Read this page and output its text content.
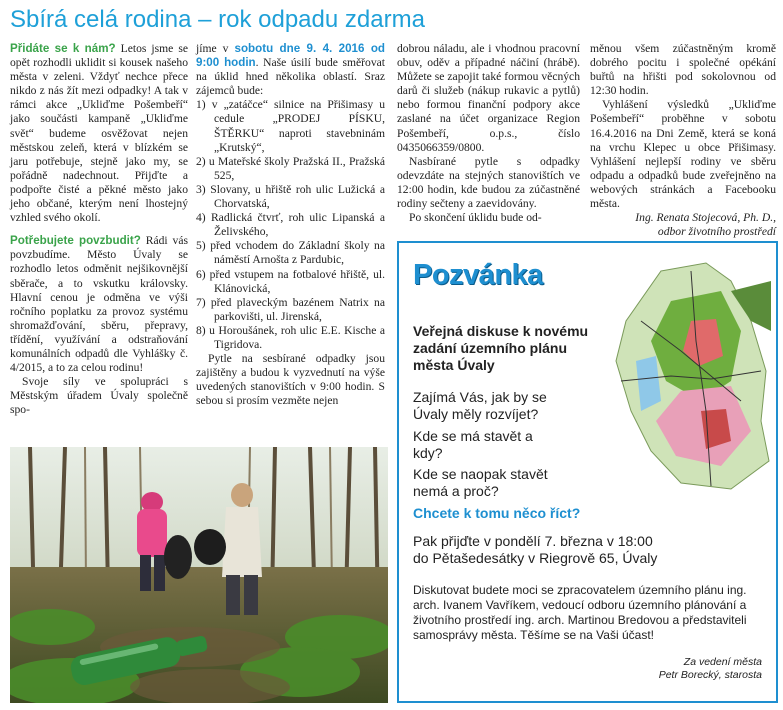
Sbírá celá rodina – rok odpadu zdarma

Přidáte se k nám? Letos jsme se opět rozhodli uklidit si kousek našeho města v zeleni. Vždyť nechce přece nikdo z nás žít mezi odpadky! A tak v rámci akce „Ukliďme Pošembeří“ jako součásti kampaně „Ukliďme svět“ budeme osvěžovat nejen městskou zeleň, která v blízkém se jaru potřebuje, stejně jako my, se pořádně nadechnout. Přijďte a podpořte čisté a pěkné město jako jeho občané, kterým není lhostejný vzhled svého okolí.

Potřebujete povzbudit? Rádi vás povzbudíme. Město Úvaly se rozhodlo letos odměnit nejšikovnější sběrače, a to vskutku královsky. Hlavní cenou je odměna ve výši ročního poplatku za provoz systému shromažďování, sběru, přepravy, třídění, využívání a odstraňování komunálních odpadů dle Vyhlášky č. 4/2015, a to za celou rodinu!

Svoje síly ve spolupráci s Městským úřadem Úvaly společně spo-

jíme v sobotu dne 9. 4. 2016 od 9:00 hodin. Naše úsilí bude směřovat na úklid hned několika oblastí. Sraz zájemců bude:

1) v „zatáčce“ silnice na Přišimasy u cedule „PRODEJ PÍSKU, ŠTĚRKU“ naproti stavebninám „Krutský“,
2) u Mateřské školy Pražská II., Pražská 525,
3) Slovany, u hřiště roh ulic Lužická a Chorvatská,
4) Radlická čtvrť, roh ulic Lipanská a Želivského,
5) před vchodem do Základní školy na náměstí Arnošta z Pardubic,
6) před vstupem na fotbalové hřiště, ul. Klánovická,
7) před plaveckým bazénem Natrix na parkovišti, ul. Jirenská,
8) u Horoušánek, roh ulic E.E. Kische a Tigridova.

Pytle na sesbírané odpadky jsou zajištěny a budou k vyzvednutí na výše uvedených stanovištích v 9:00 hodin. S sebou si prosím vezměte nejen

dobrou náladu, ale i vhodnou pracovní obuv, oděv a případné náčiní (hrábě). Můžete se zapojit také formou věcných darů či služeb (nákup rukavic a pytlů) nebo formou finanční podpory akce zaslané na účet organizace Region Pošembeří, o.p.s., číslo 0435066359/0800.

Nasbírané pytle s odpadky odevzdáte na stejných stanovištích ve 12:00 hodin, kde budou za zúčastněné rodiny sečteny a zaevidovány.

Po skončení úklidu bude od-

měnou všem zúčastněným kromě dobrého pocitu i společné opékání buřtů na hřišti pod sokolovnou od 12:30 hodin.

Vyhlášení výsledků „Ukliďme Pošembeří“ proběhne v sobotu 16.4.2016 na Dni Země, která se koná na vrchu Klepec u obce Přišimasy. Vyhlášení nejlepší rodiny ve sběru odpadu a odpadků bude zveřejněno na webových stránkách a Facebooku města.

Ing. Renata Stojecová, Ph. D.,
odbor životního prostředí
Pozvánka
Veřejná diskuse k novému zadání územního plánu města Úvaly
Zajímá Vás, jak by se Úvaly měly rozvíjet?
Kde se má stavět a kdy?
Kde se naopak stavět nemá a proč?
Chcete k tomu něco říct?
Pak přijďte v pondělí 7. března v 18:00
do Pětašedesátky v Riegrově 65, Úvaly
Diskutovat budete moci se zpracovatelem územního plánu ing. arch. Ivanem Vavříkem, vedoucí odboru územního plánování a životního prostředí ing. arch. Martinou Bredovou a představiteli samosprávy města. Těšíme se na Vaši účast!
Za vedení města
Petr Borecký, starosta
